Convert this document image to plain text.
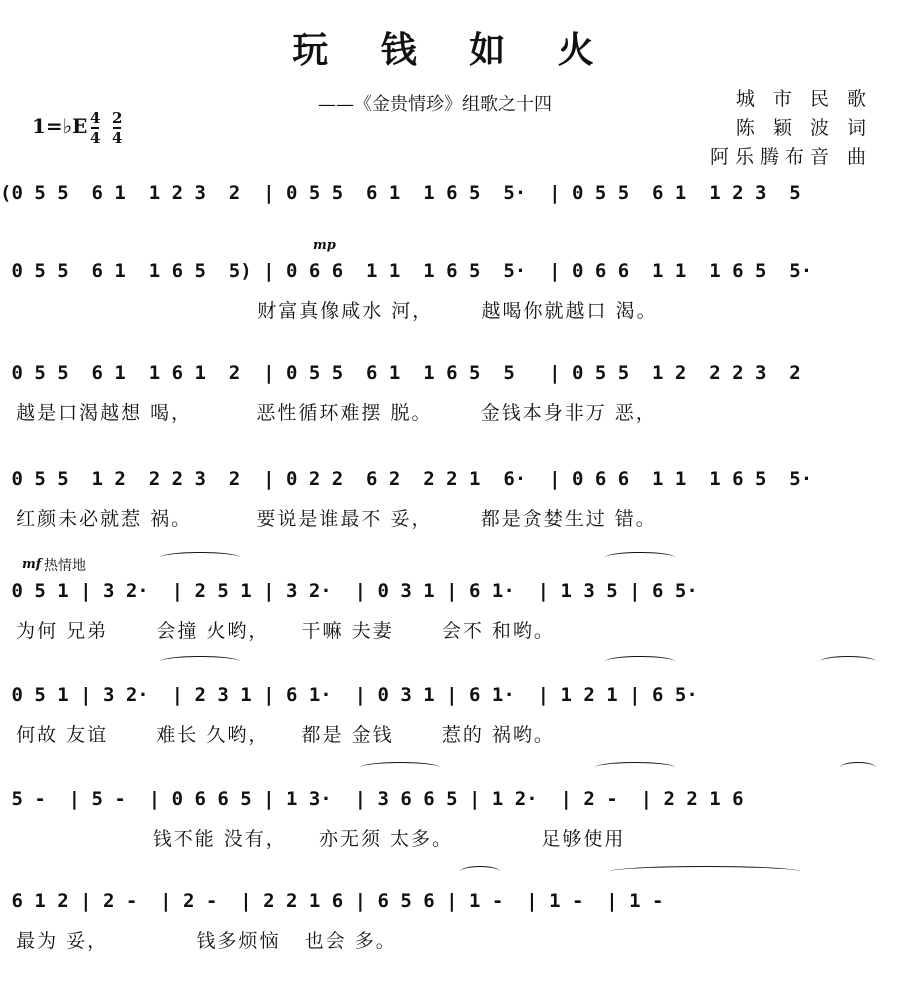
玩 钱 如 火
——《金贵情珍》组歌之十四	城 市 民 歌
陈 颖 波 词
阿乐腾布音 曲
1=♭E 4
4
2
4
mp
mf 热情地
(0 5 5  6 1  1 2 3  2  | 0 5 5  6 1  1 6 5  5·  | 0 5 5  6 1  1 2 3  5
0 5 5  6 1  1 6 5  5) | 0 6 6  1 1  1 6 5  5·  | 0 6 6  1 1  1 6 5  5·
财富真像咸水 河，      越喝你就越口 渴。
0 5 5  6 1  1 6 1  2  | 0 5 5  6 1  1 6 5  5   | 0 5 5  1 2  2 2 3  2
越是口渴越想 喝，        恶性循环难摆 脱。      金钱本身非万 恶，
0 5 5  1 2  2 2 3  2  | 0 2 2  6 2  2 2 1  6·  | 0 6 6  1 1  1 6 5  5·
红颜未必就惹 祸。        要说是谁最不 妥，      都是贪婪生过 错。
0 5 1 | 3 2·  | 2 5 1 | 3 2·  | 0 3 1 | 6 1·  | 1 3 5 | 6 5·
为何 兄弟      会撞 火哟，    干嘛 夫妻      会不 和哟。
0 5 1 | 3 2·  | 2 3 1 | 6 1·  | 0 3 1 | 6 1·  | 1 2 1 | 6 5·
何故 友谊      难长 久哟，    都是 金钱      惹的 祸哟。
5 -  | 5 -  | 0 6 6 5 | 1 3·  | 3 6 6 5 | 1 2·  | 2 -  | 2 2 1 6
钱不能 没有，    亦无须 太多。           足够使用
6 1 2 | 2 -  | 2 -  | 2 2 1 6 | 6 5 6 | 1 -  | 1 -  | 1 -
最为 妥，           钱多烦恼   也会 多。
